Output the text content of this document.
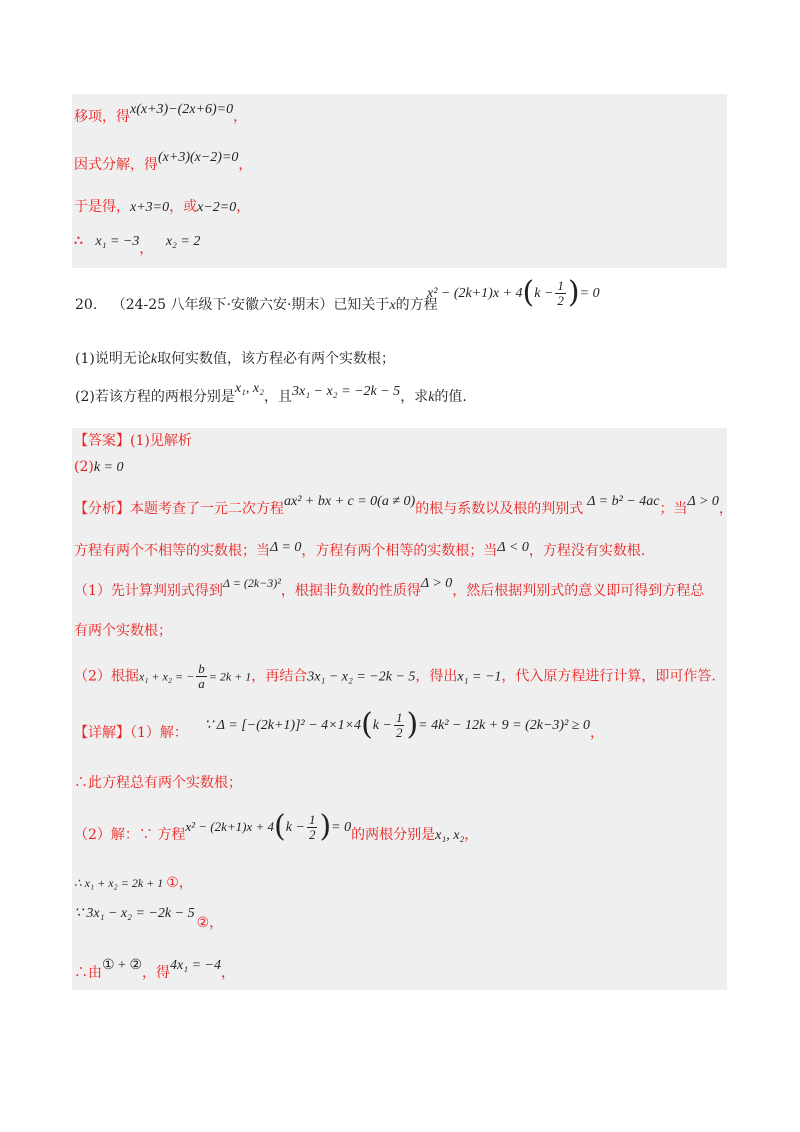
移项，得x(x+3)−(2x+6)=0，
因式分解，得(x+3)(x−2)=0，
于是得，x+3=0，或x−2=0，
∴ x₁ = −3， x₂ = 2
20. （24-25 八年级下·安徽六安·期末）已知关于x的方程
$x^2 - (2k+1)x + 4(k - \frac{1}{2}$ )= 0
(1)说明无论k取何实数值，该方程必有两个实数根；
(2)若该方程的两根分别是x₁, x₂，且3x₁ − x₂ = −2k − 5，求k的值.
【答案】(1)见解析
(2)k = 0
【分析】本题考查了一元二次方程ax² + bx + c = 0(a ≠ 0)的根与系数以及根的判别式 Δ = b² − 4ac；当Δ > 0，
方程有两个不相等的实数根；当Δ = 0，方程有两个相等的实数根；当Δ < 0，方程没有实数根.
（1）先计算判别式得到Δ = (2k−3)²，根据非负数的性质得Δ > 0，然后根据判别式的意义即可得到方程总
有两个实数根；
（2）根据x₁ + x₂ = − $\frac{b}{a} = 2k + 1$，再结合3x₁ − x₂ = −2k − 5，得出x₁ = −1，代入原方程进行计算，即可作答.
【详解】（1）解： ∵ $\Delta = [-(2k+1)]^2 - 4\times 1\times 4(k - \frac{1}{2}$ )= 4k² − 12k + 9 = (2k−3)² ≥ 0，
∴此方程总有两个实数根；
（2）解：∵ 方程$x^2 - (2k+1)x + 4(k - \frac{1}{2}$ )= 0的两根分别是x₁, x₂，
∴ x₁ + x₂ = 2k + 1 ①，
∵ 3x₁ − x₂ = −2k − 5②，
∴由① + ②，得4x₁ = −4，
